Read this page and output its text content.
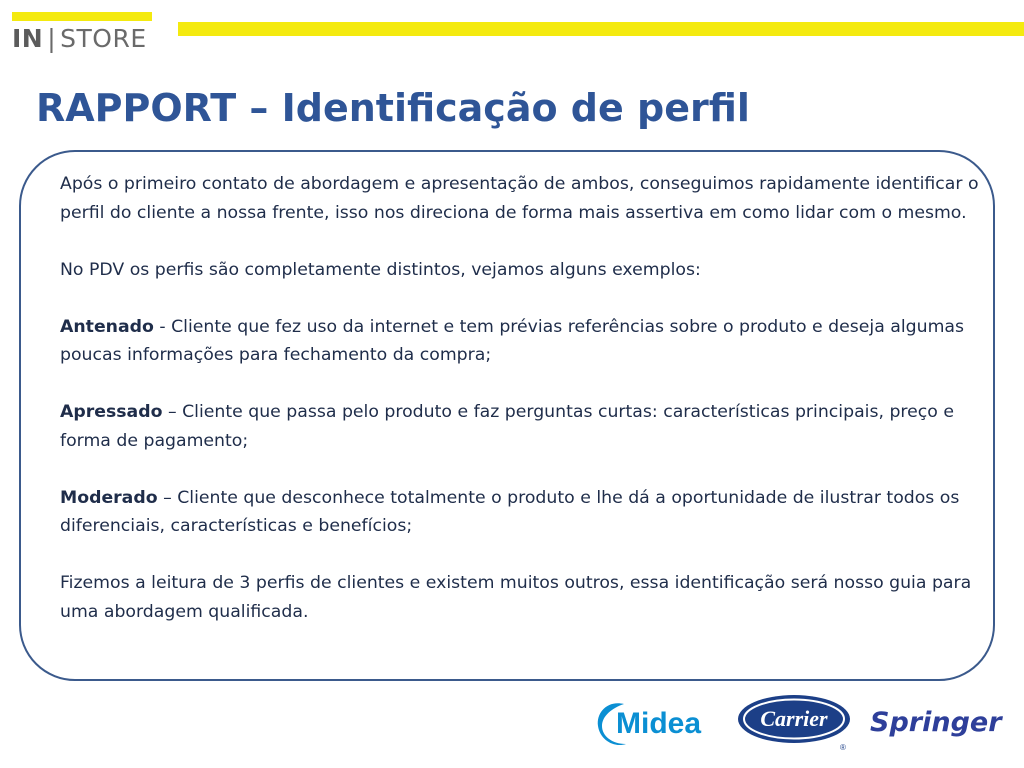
IN | STORE
RAPPORT – Identificação de perfil

Após o primeiro contato de abordagem e apresentação de ambos, conseguimos rapidamente identificar o perfil do cliente a nossa frente, isso nos direciona de forma mais assertiva em como lidar com o mesmo.

No PDV os perfis são completamente distintos, vejamos alguns exemplos:

Antenado - Cliente que fez uso da internet e tem prévias referências sobre o produto e deseja algumas poucas informações para fechamento da compra;

Apressado – Cliente que passa pelo produto e faz perguntas curtas: características principais, preço e forma de pagamento;

Moderado – Cliente que desconhece totalmente o produto e lhe dá a oportunidade de ilustrar todos os diferenciais, características e benefícios;

Fizemos a leitura de 3 perfis de clientes e existem muitos outros, essa identificação será nosso guia para uma abordagem qualificada.

Midea	Carrier
®
Springer
